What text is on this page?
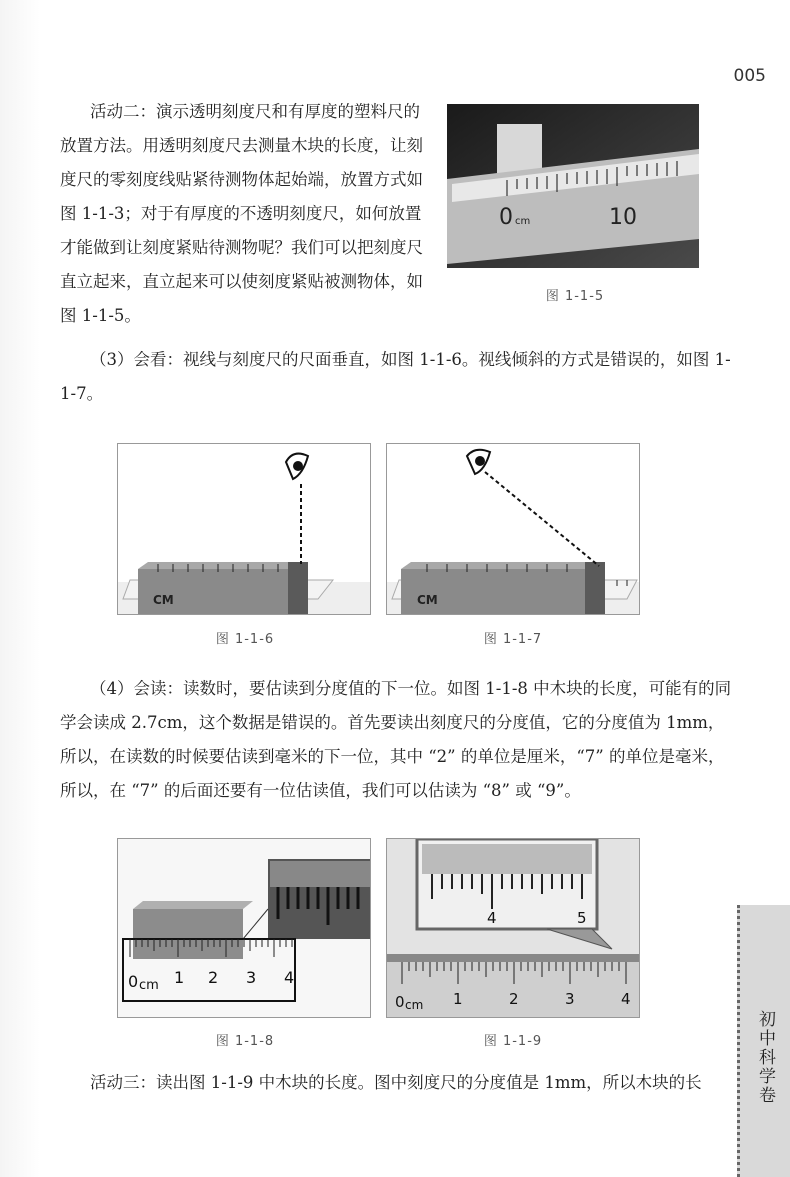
005

活动二：演示透明刻度尺和有厚度的塑料尺的放置方法。用透明刻度尺去测量木块的长度，让刻度尺的零刻度线贴紧待测物体起始端，放置方式如图 1-1-3；对于有厚度的不透明刻度尺，如何放置才能做到让刻度紧贴待测物呢？我们可以把刻度尺直立起来，直立起来可以使刻度紧贴被测物体，如图 1-1-5。

0 cm	10
图 1-1-5

（3）会看：视线与刻度尺的尺面垂直，如图 1-1-6。视线倾斜的方式是错误的，如图 1-1-7。

CM
图 1-1-6
CM
图 1-1-7

（4）会读：读数时，要估读到分度值的下一位。如图 1-1-8 中木块的长度，可能有的同学会读成 2.7cm，这个数据是错误的。首先要读出刻度尺的分度值，它的分度值为 1mm，所以，在读数的时候要估读到毫米的下一位，其中 “2” 的单位是厘米，“7” 的单位是毫米，所以，在 “7” 的后面还要有一位估读值，我们可以估读为 “8” 或 “9”。

0 cm 1 2 3 4
图 1-1-8
4	5
0 cm 1	2	3	4
图 1-1-9

活动三：读出图 1-1-9 中木块的长度。图中刻度尺的分度值是 1mm，所以木块的长	初中科学卷
